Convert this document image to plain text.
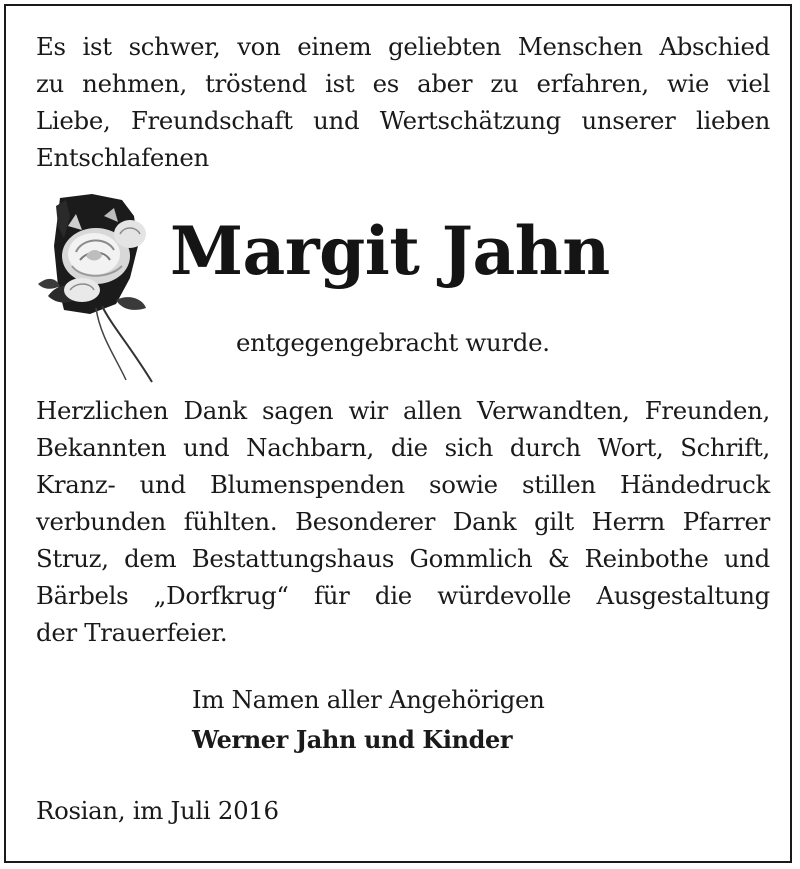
Es ist schwer, von einem geliebten Menschen Abschied
zu nehmen, tröstend ist es aber zu erfahren, wie viel
Liebe, Freundschaft und Wertschätzung unserer lieben
Entschlafenen

Margit Jahn
entgegengebracht wurde.

Herzlichen Dank sagen wir allen Verwandten, Freunden,
Bekannten und Nachbarn, die sich durch Wort, Schrift,
Kranz- und Blumenspenden sowie stillen Händedruck
verbunden fühlten. Besonderer Dank gilt Herrn Pfarrer
Struz, dem Bestattungshaus Gommlich & Reinbothe und
Bärbels „Dorfkrug“ für die würdevolle Ausgestaltung
der Trauerfeier.

Im Namen aller Angehörigen
Werner Jahn und Kinder
Rosian, im Juli 2016
